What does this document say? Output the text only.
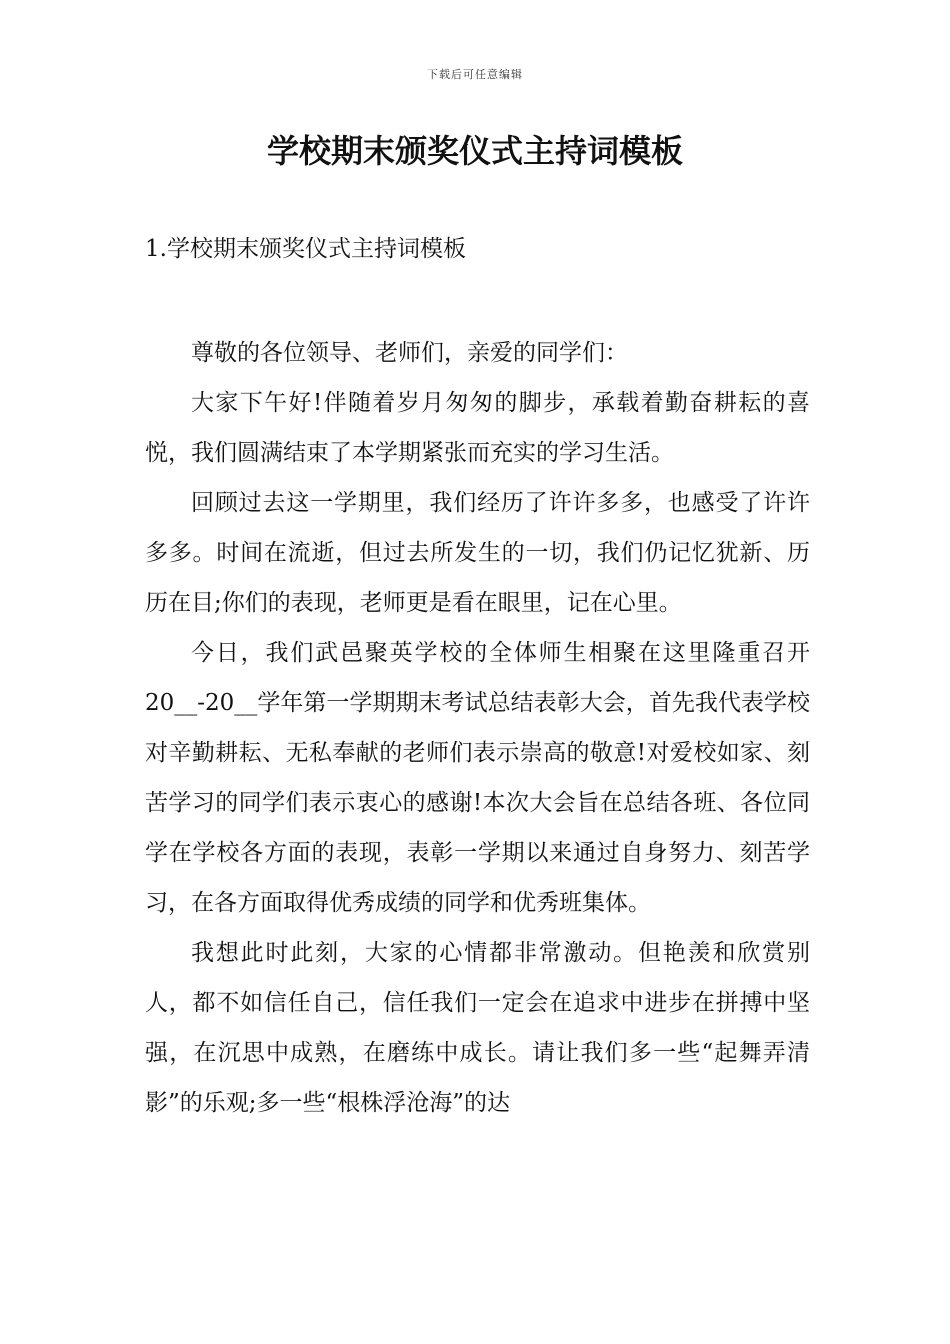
下载后可任意编辑
学校期末颁奖仪式主持词模板
1.学校期末颁奖仪式主持词模板

尊敬的各位领导、老师们，亲爱的同学们：

大家下午好!伴随着岁月匆匆的脚步，承载着勤奋耕耘的喜悦，我们圆满结束了本学期紧张而充实的学习生活。

回顾过去这一学期里，我们经历了许许多多，也感受了许许多多。时间在流逝，但过去所发生的一切，我们仍记忆犹新、历历在目;你们的表现，老师更是看在眼里，记在心里。

今日，我们武邑聚英学校的全体师生相聚在这里隆重召开20__-20__学年第一学期期末考试总结表彰大会，首先我代表学校对辛勤耕耘、无私奉献的老师们表示崇高的敬意!对爱校如家、刻苦学习的同学们表示衷心的感谢!本次大会旨在总结各班、各位同学在学校各方面的表现，表彰一学期以来通过自身努力、刻苦学习，在各方面取得优秀成绩的同学和优秀班集体。

我想此时此刻，大家的心情都非常激动。但艳羡和欣赏别人，都不如信任自己，信任我们一定会在追求中进步在拼搏中坚强，在沉思中成熟，在磨练中成长。请让我们多一些“起舞弄清影”的乐观;多一些“根株浮沧海”的达
